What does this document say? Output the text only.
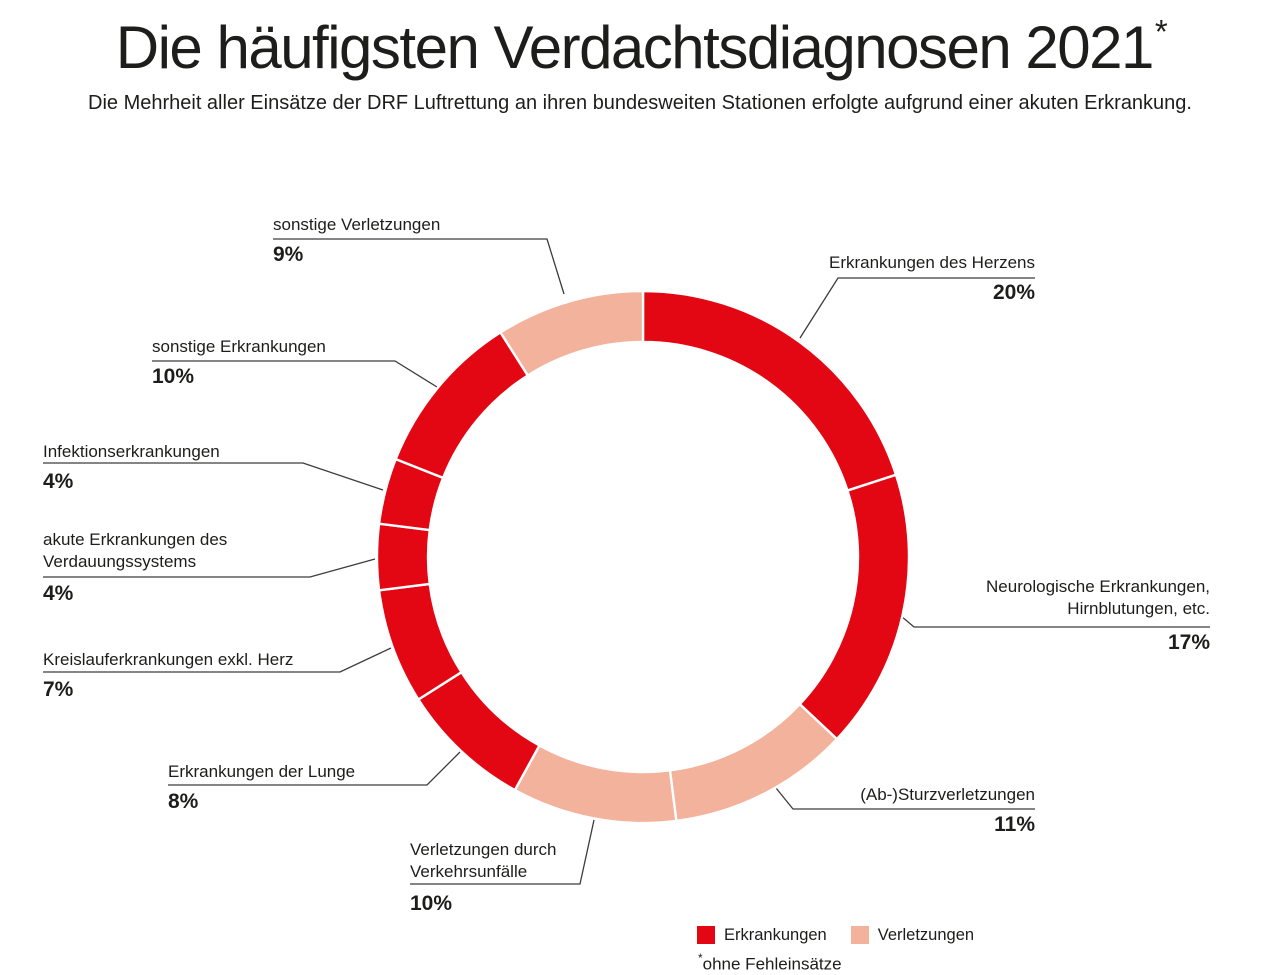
Die häufigsten Verdachtsdiagnosen 2021*
Die Mehrheit aller Einsätze der DRF Luftrettung an ihren bundesweiten Stationen erfolgte aufgrund einer akuten Erkrankung.
Erkrankungen des Herzens
20%
Neurologische Erkrankungen, Hirnblutungen, etc.
17%
(Ab-)Sturzverletzungen
11%
Verletzungen durch Verkehrsunfälle
10%
Erkrankungen der Lunge
8%
Kreislauferkrankungen exkl. Herz
7%
akute Erkrankungen des Verdauungssystems
4%
Infektionserkrankungen
4%
sonstige Erkrankungen
10%
sonstige Verletzungen
9%
Erkrankungen	Verletzungen
*ohne Fehleinsätze
